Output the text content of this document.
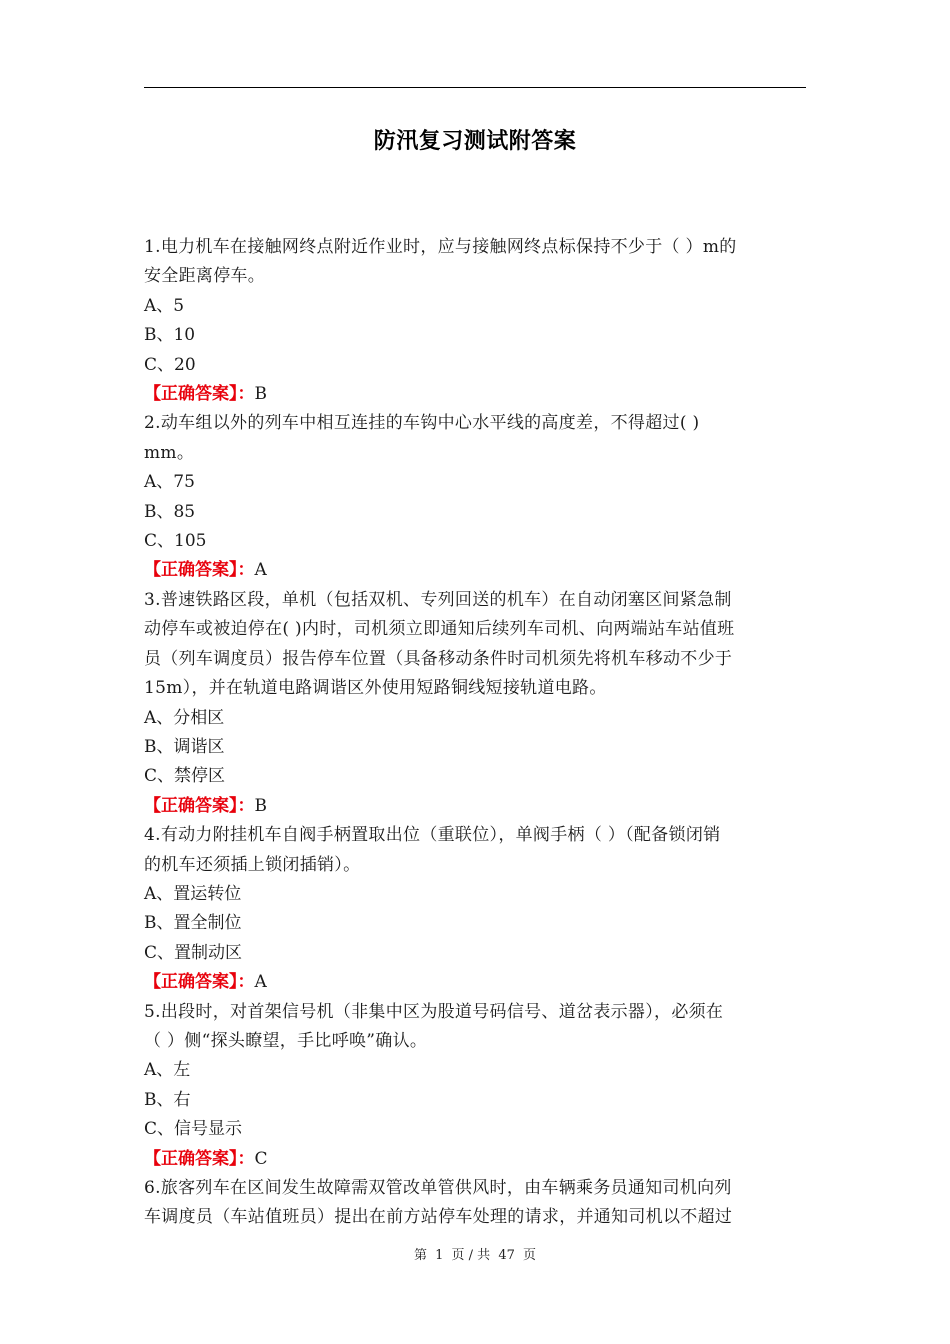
防汛复习测试附答案

1.电力机车在接触网终点附近作业时，应与接触网终点标保持不少于（ ）m的

安全距离停车。

A、5

B、10

C、20

【正确答案】：B

2.动车组以外的列车中相互连挂的车钩中心水平线的高度差，不得超过( )

mm。

A、75

B、85

C、105

【正确答案】：A

3.普速铁路区段，单机（包括双机、专列回送的机车）在自动闭塞区间紧急制

动停车或被迫停在( )内时，司机须立即通知后续列车司机、向两端站车站值班

员（列车调度员）报告停车位置（具备移动条件时司机须先将机车移动不少于

15m），并在轨道电路调谐区外使用短路铜线短接轨道电路。

A、分相区

B、调谐区

C、禁停区

【正确答案】：B

4.有动力附挂机车自阀手柄置取出位（重联位），单阀手柄（ ）（配备锁闭销

的机车还须插上锁闭插销）。

A、置运转位

B、置全制位

C、置制动区

【正确答案】：A

5.出段时，对首架信号机（非集中区为股道号码信号、道岔表示器），必须在

（ ）侧“探头瞭望，手比呼唤”确认。

A、左

B、右

C、信号显示

【正确答案】：C

6.旅客列车在区间发生故障需双管改单管供风时，由车辆乘务员通知司机向列

车调度员（车站值班员）提出在前方站停车处理的请求，并通知司机以不超过

第 1 页 / 共 47 页
